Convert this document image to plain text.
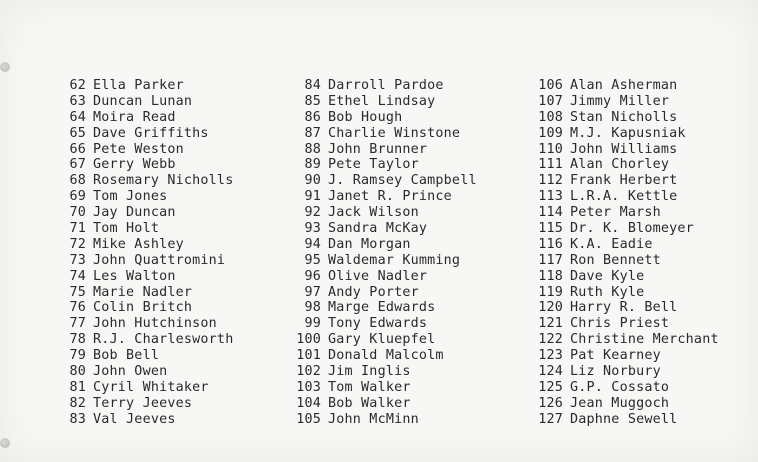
62 Ella Parker
63 Duncan Lunan
64 Moira Read
65 Dave Griffiths
66 Pete Weston
67 Gerry Webb
68 Rosemary Nicholls
69 Tom Jones
70 Jay Duncan
71 Tom Holt
72 Mike Ashley
73 John Quattromini
74 Les Walton
75 Marie Nadler
76 Colin Britch
77 John Hutchinson
78 R.J. Charlesworth
79 Bob Bell
80 John Owen
81 Cyril Whitaker
82 Terry Jeeves
83 Val Jeeves
84 Darroll Pardoe
85 Ethel Lindsay
86 Bob Hough
87 Charlie Winstone
88 John Brunner
89 Pete Taylor
90 J. Ramsey Campbell
91 Janet R. Prince
92 Jack Wilson
93 Sandra McKay
94 Dan Morgan
95 Waldemar Kumming
96 Olive Nadler
97 Andy Porter
98 Marge Edwards
99 Tony Edwards
100 Gary Kluepfel
101 Donald Malcolm
102 Jim Inglis
103 Tom Walker
104 Bob Walker
105 John McMinn
106 Alan Asherman
107 Jimmy Miller
108 Stan Nicholls
109 M.J. Kapusniak
110 John Williams
111 Alan Chorley
112 Frank Herbert
113 L.R.A. Kettle
114 Peter Marsh
115 Dr. K. Blomeyer
116 K.A. Eadie
117 Ron Bennett
118 Dave Kyle
119 Ruth Kyle
120 Harry R. Bell
121 Chris Priest
122 Christine Merchant
123 Pat Kearney
124 Liz Norbury
125 G.P. Cossato
126 Jean Muggoch
127 Daphne Sewell
